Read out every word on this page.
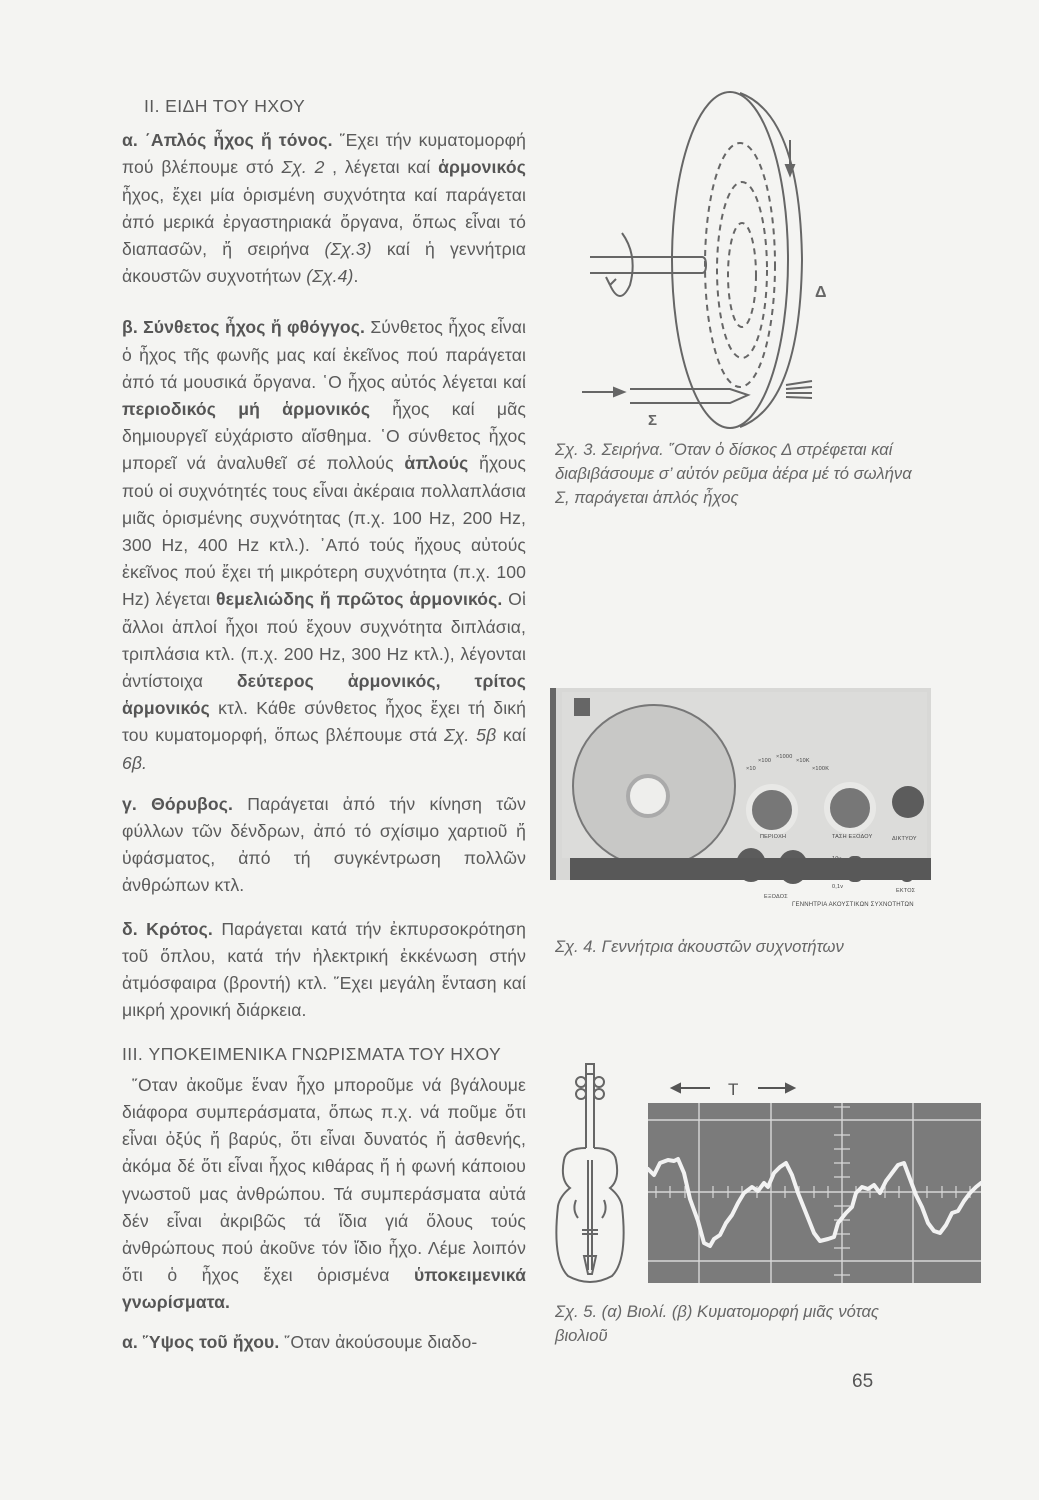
II. ΕΙΔΗ ΤΟΥ ΗΧΟΥ

α. ΄Απλός ἦχος ἤ τόνος. ῞Εχει τήν κυματομορφή πού βλέπουμε στό Σχ. 2 , λέγεται καί ἁρμονικός ἦχος, ἔχει μία ὁρισμένη συχνότητα καί παράγεται ἀπό μερικά ἐργαστηριακά ὄργανα, ὅπως εἶναι τό διαπασῶν, ἤ σειρήνα (Σχ.3) καί ἡ γεννήτρια ἀκουστῶν συχνοτήτων (Σχ.4).

β. Σύνθετος ἦχος ἤ φθόγγος. Σύνθετος ἦχος εἶναι ὁ ἦχος τῆς φωνῆς μας καί ἐκεῖνος πού παράγεται ἀπό τά μουσικά ὄργανα. ῾Ο ἦχος αὐτός λέγεται καί περιοδικός μή ἁρμονικός ἦχος καί μᾶς δημιουργεῖ εὐχάριστο αἴσθημα. ῾Ο σύνθετος ἦχος μπορεῖ νά ἀναλυθεῖ σέ πολλούς ἁπλούς ἤχους πού οἱ συχνότητές τους εἶναι ἀκέραια πολλαπλάσια μιᾶς ὁρισμένης συχνότητας (π.χ. 100 Hz, 200 Hz, 300 Hz, 400 Hz κτλ.). ᾿Από τούς ἤχους αὐτούς ἐκεῖνος πού ἔχει τή μικρότερη συχνότητα (π.χ. 100 Hz) λέγεται θεμελιώδης ἤ πρῶτος ἁρμονικός. Οἱ ἄλλοι ἁπλοί ἦχοι πού ἔχουν συχνότητα διπλάσια, τριπλάσια κτλ. (π.χ. 200 Hz, 300 Hz κτλ.), λέγονται ἀντίστοιχα δεύτερος ἁρμονικός, τρίτος ἁρμονικός κτλ. Κάθε σύνθετος ἦχος ἔχει τή δική του κυματομορφή, ὅπως βλέπουμε στά Σχ. 5β καί 6β.

γ. Θόρυβος. Παράγεται ἀπό τήν κίνηση τῶν φύλλων τῶν δένδρων, ἀπό τό σχίσιμο χαρτιοῦ ἤ ὑφάσματος, ἀπό τή συγκέντρωση πολλῶν ἀνθρώπων κτλ.

δ. Κρότος. Παράγεται κατά τήν ἐκπυρσοκρότηση τοῦ ὅπλου, κατά τήν ἠλεκτρική ἐκκένωση στήν ἀτμόσφαιρα (βροντή) κτλ. ῞Εχει μεγάλη ἔνταση καί μικρή χρονική διάρκεια.

III. ΥΠΟΚΕΙΜΕΝΙΚΑ ΓΝΩΡΙΣΜΑΤΑ ΤΟΥ ΗΧΟΥ

῞Οταν ἀκοῦμε ἕναν ἦχο μποροῦμε νά βγάλουμε διάφορα συμπεράσματα, ὅπως π.χ. νά ποῦμε ὅτι εἶναι ὀξύς ἤ βαρύς, ὅτι εἶναι δυνατός ἤ ἀσθενής, ἀκόμα δέ ὅτι εἶναι ἦχος κιθάρας ἤ ἡ φωνή κάποιου γνωστοῦ μας ἀνθρώπου. Τά συμπεράσματα αὐτά δέν εἶναι ἀκριβῶς τά ἴδια γιά ὅλους τούς ἀνθρώπους πού ἀκοῦνε τόν ἴδιο ἦχο. Λέμε λοιπόν ὅτι ὁ ἦχος ἔχει ὁρισμένα ὑποκειμενικά γνωρίσματα.

α. ῞Υψος τοῦ ἤχου. ῞Οταν ἀκούσουμε διαδο-

Δ
Σ
Σχ. 3. Σειρήνα. ῞Οταν ὁ δίσκος Δ στρέφεται καί διαβιβάσουμε σ’ αὐτόν ρεῦμα ἀέρα μέ τό σωλήνα Σ, παράγεται ἁπλός ἦχος
ΠΕΡΙΟΧΗ	ΤΑΣΗ ΕΞΟΔΟΥ	ΔΙΚΤΥΟΥ
ΕΞΟΔΟΣ
ΕΚΤΟΣ
×10
×100
×1000
×10K
×100K
0,1v
ΓΕΝΝΗΤΡΙΑ ΑΚΟΥΣΤΙΚΩΝ ΣΥΧΝΟΤΗΤΩΝ
Σχ. 4. Γεννήτρια ἀκουστῶν συχνοτήτων
T
Σχ. 5. (α) Βιολί. (β) Κυματομορφή μιᾶς νότας βιολιοῦ
65
